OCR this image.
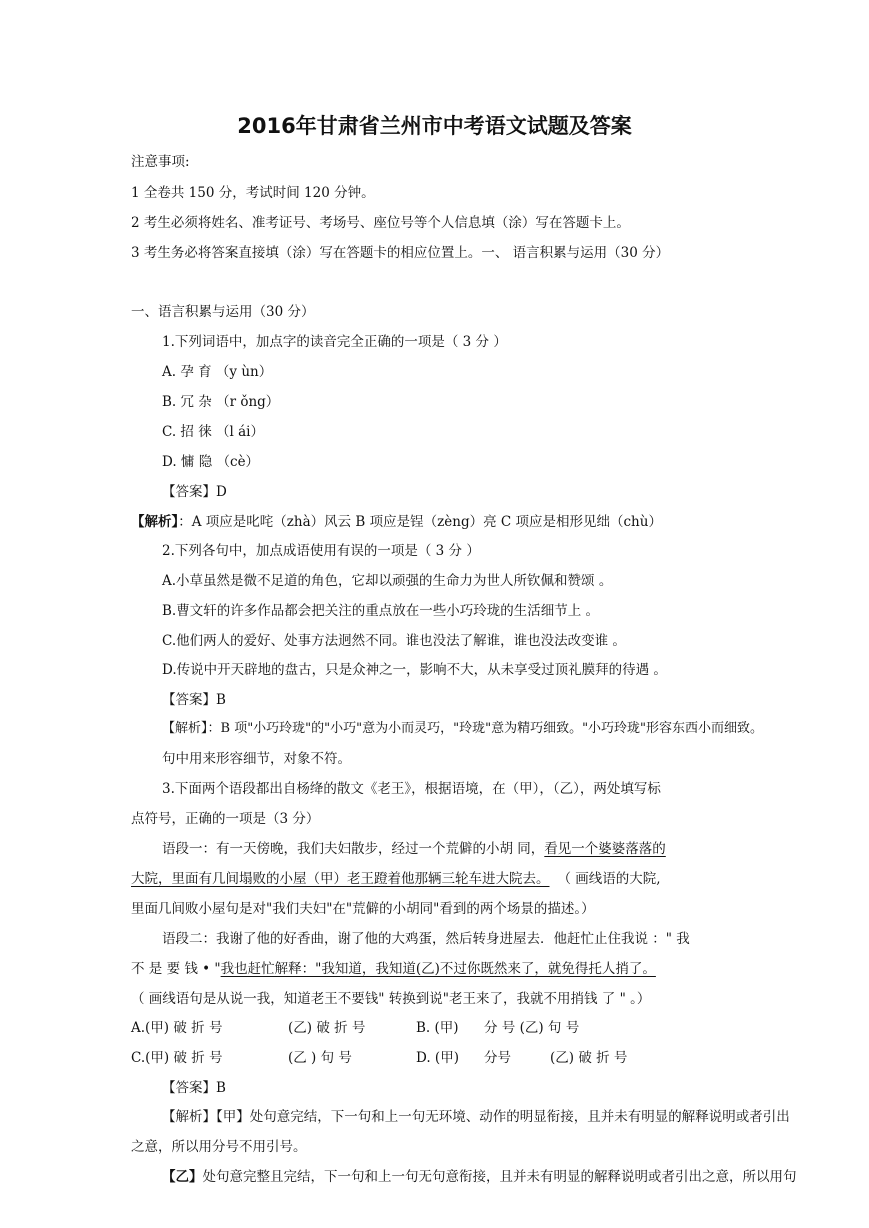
2016年甘肃省兰州市中考语文试题及答案
注意事项:
1 全卷共 150 分，考试时间 120 分钟。
2 考生必须将姓名、准考证号、考场号、座位号等个人信息填（涂）写在答题卡上。
3 考生务必将答案直接填（涂）写在答题卡的相应位置上。一、 语言积累与运用（30 分）
一、语言积累与运用（30 分）
1.下列词语中，加点字的读音完全正确的一项是（ 3 分 ）
A. 孕 育 （y ùn）
B. 冗 杂 （r ǒng）
C. 招 徕 （l ái）
D. 慵 隐 （cè）
【答案】D
【解析】：A 项应是叱咤（zhà）风云 B 项应是锃（zèng）亮 C 项应是相形见绌（chù）
2.下列各句中，加点成语使用有误的一项是（ 3 分 ）
A.小草虽然是微不足道的角色，它却以顽强的生命力为世人所钦佩和赞颂 。
B.曹文轩的许多作品都会把关注的重点放在一些小巧玲珑的生活细节上 。
C.他们两人的爱好、处事方法迥然不同。谁也没法了解谁，谁也没法改变谁 。
D.传说中开天辟地的盘古，只是众神之一，影响不大，从未享受过顶礼膜拜的待遇 。
【答案】B
【解析】：B 项"小巧玲珑"的"小巧"意为小而灵巧，"玲珑"意为精巧细致。"小巧玲珑"形容东西小而细致。
句中用来形容细节，对象不符。
3.下面两个语段都出自杨绛的散文《老王》，根据语境，在（甲），（乙），两处填写标
点符号，正确的一项是（3 分）
语段一：有一天傍晚，我们夫妇散步，经过一个荒僻的小胡 同，看见一个婆婆落落的
大院，里面有几间塌败的小屋（甲）老王蹬着他那辆三轮车进大院去。 （ 画线语的大院,
里面几间败小屋句是对"我们夫妇"在"荒僻的小胡同"看到的两个场景的描述。）
语段二：我谢了他的好香曲，谢了他的大鸡蛋，然后转身进屋去．他赶忙止住我说 ：" 我
不 是 要 钱 • "我也赶忙解释："我知道，我知道(乙)不过你既然来了，就免得托人捎了。
（ 画线语句是从说一我，知道老王不要钱" 转换到说"老王来了，我就不用捎钱 了 " 。）
A.(甲) 破 折 号	(乙) 破 折 号	B. (甲) 分 号 (乙) 句 号
C.(甲) 破 折 号	(乙 ) 句 号	D. (甲) 分号	(乙) 破 折 号
【答案】B
【解析】【甲】处句意完结，下一句和上一句无环境、动作的明显衔接，且并未有明显的解释说明或者引出
之意，所以用分号不用引号。
【乙】处句意完整且完结，下一句和上一句无句意衔接，且并未有明显的解释说明或者引出之意，所以用句
